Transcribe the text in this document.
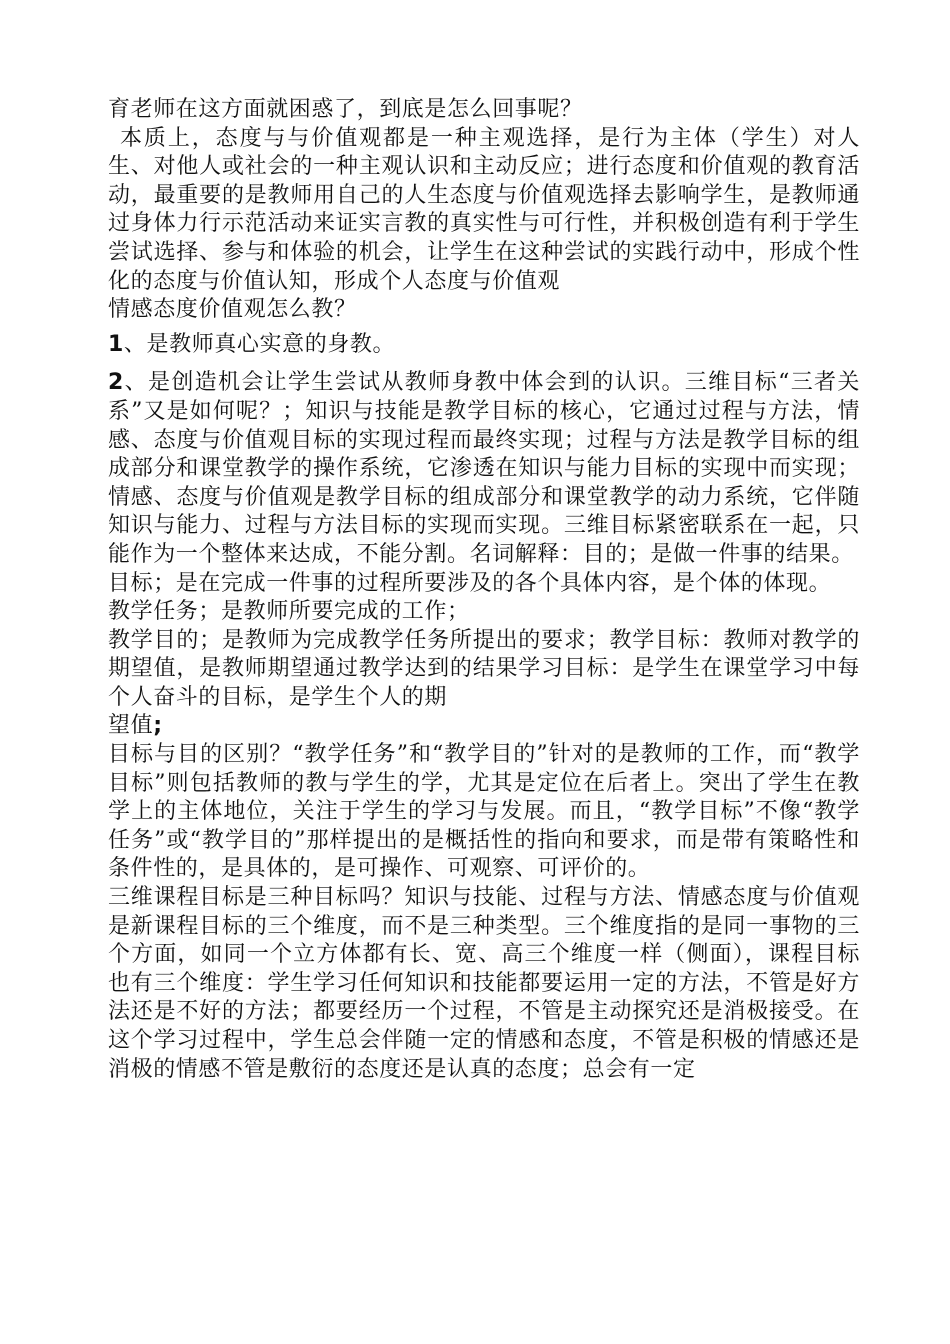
育老师在这方面就困惑了，到底是怎么回事呢？

本质上，态度与与价值观都是一种主观选择，是行为主体（学生）对人生、对他人或社会的一种主观认识和主动反应；进行态度和价值观的教育活动，最重要的是教师用自己的人生态度与价值观选择去影响学生，是教师通过身体力行示范活动来证实言教的真实性与可行性，并积极创造有利于学生尝试选择、参与和体验的机会，让学生在这种尝试的实践行动中，形成个性化的态度与价值认知，形成个人态度与价值观

情感态度价值观怎么教？

1、是教师真心实意的身教。

2、是创造机会让学生尝试从教师身教中体会到的认识。三维目标“三者关系”又是如何呢？；知识与技能是教学目标的核心，它通过过程与方法，情感、态度与价值观目标的实现过程而最终实现；过程与方法是教学目标的组成部分和课堂教学的操作系统，它渗透在知识与能力目标的实现中而实现；情感、态度与价值观是教学目标的组成部分和课堂教学的动力系统，它伴随知识与能力、过程与方法目标的实现而实现。三维目标紧密联系在一起，只能作为一个整体来达成，不能分割。名词解释：目的；是做一件事的结果。

目标；是在完成一件事的过程所要涉及的各个具体内容，是个体的体现。

教学任务；是教师所要完成的工作；

教学目的；是教师为完成教学任务所提出的要求；教学目标：教师对教学的期望值，是教师期望通过教学达到的结果学习目标：是学生在课堂学习中每个人奋斗的目标，是学生个人的期

望值;

目标与目的区别？“教学任务”和“教学目的”针对的是教师的工作，而“教学目标”则包括教师的教与学生的学，尤其是定位在后者上。突出了学生在教学上的主体地位，关注于学生的学习与发展。而且，“教学目标”不像“教学任务”或“教学目的”那样提出的是概括性的指向和要求，而是带有策略性和条件性的，是具体的，是可操作、可观察、可评价的。

三维课程目标是三种目标吗？知识与技能、过程与方法、情感态度与价值观是新课程目标的三个维度，而不是三种类型。三个维度指的是同一事物的三个方面，如同一个立方体都有长、宽、高三个维度一样（侧面），课程目标也有三个维度：学生学习任何知识和技能都要运用一定的方法，不管是好方法还是不好的方法；都要经历一个过程，不管是主动探究还是消极接受。在这个学习过程中，学生总会伴随一定的情感和态度，不管是积极的情感还是消极的情感不管是敷衍的态度还是认真的态度；总会有一定
